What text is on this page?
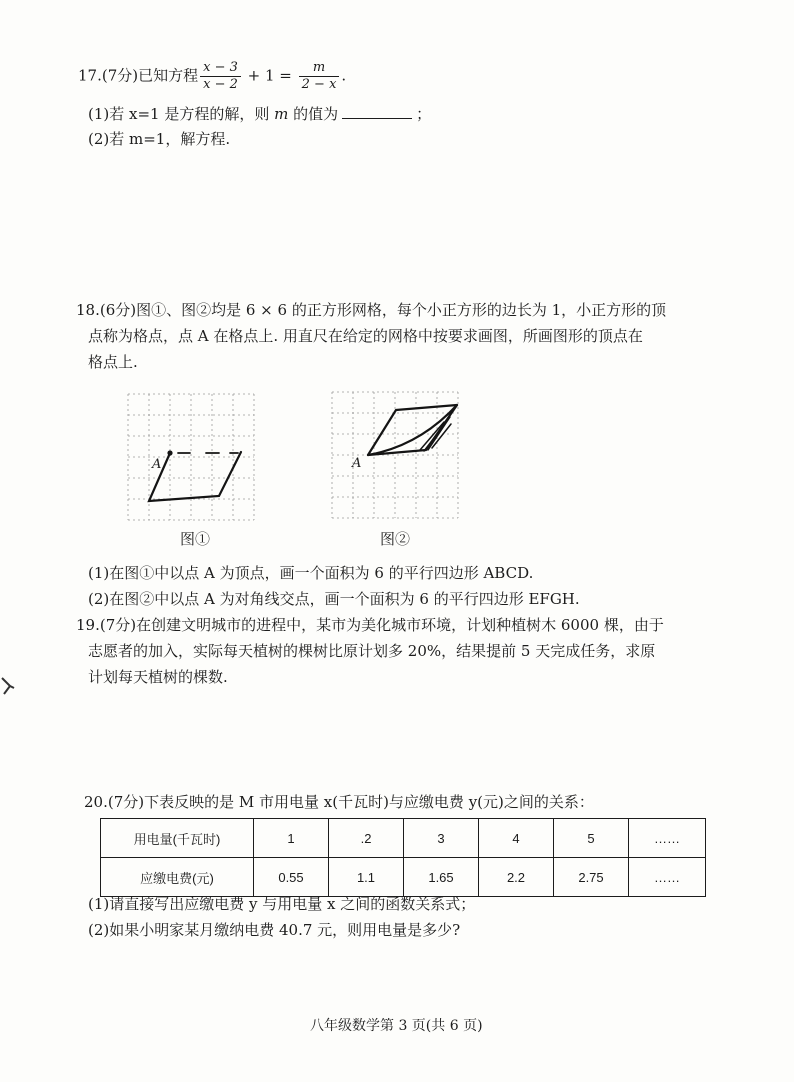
17.(7分)已知方程 $\frac{x - 3}{x - 2} + 1 = \frac{m}{2 - x}$ .
(1)若 x=1 是方程的解，则 m 的值为	；
(2)若 m=1，解方程.
18.(6分)图①、图②均是 6 × 6 的正方形网格，每个小正方形的边长为 1，小正方形的顶
点称为格点，点 A 在格点上. 用直尺在给定的网格中按要求画图，所画图形的顶点在
格点上.
A
图①
A
图②
(1)在图①中以点 A 为顶点，画一个面积为 6 的平行四边形 ABCD.
(2)在图②中以点 A 为对角线交点，画一个面积为 6 的平行四边形 EFGH.
19.(7分)在创建文明城市的进程中，某市为美化城市环境，计划种植树木 6000 棵，由于
志愿者的加入，实际每天植树的棵树比原计划多 20%，结果提前 5 天完成任务，求原
计划每天植树的棵数.
20.(7分)下表反映的是 M 市用电量 x(千瓦时)与应缴电费 y(元)之间的关系：
用电量(千瓦时)	1	.2	3	4	5	……
应缴电费(元)	0.55	1.1	1.65	2.2	2.75	……
(1)请直接写出应缴电费 y 与用电量 x 之间的函数关系式；
(2)如果小明家某月缴纳电费 40.7 元，则用电量是多少?
八年级数学第 3 页(共 6 页)
